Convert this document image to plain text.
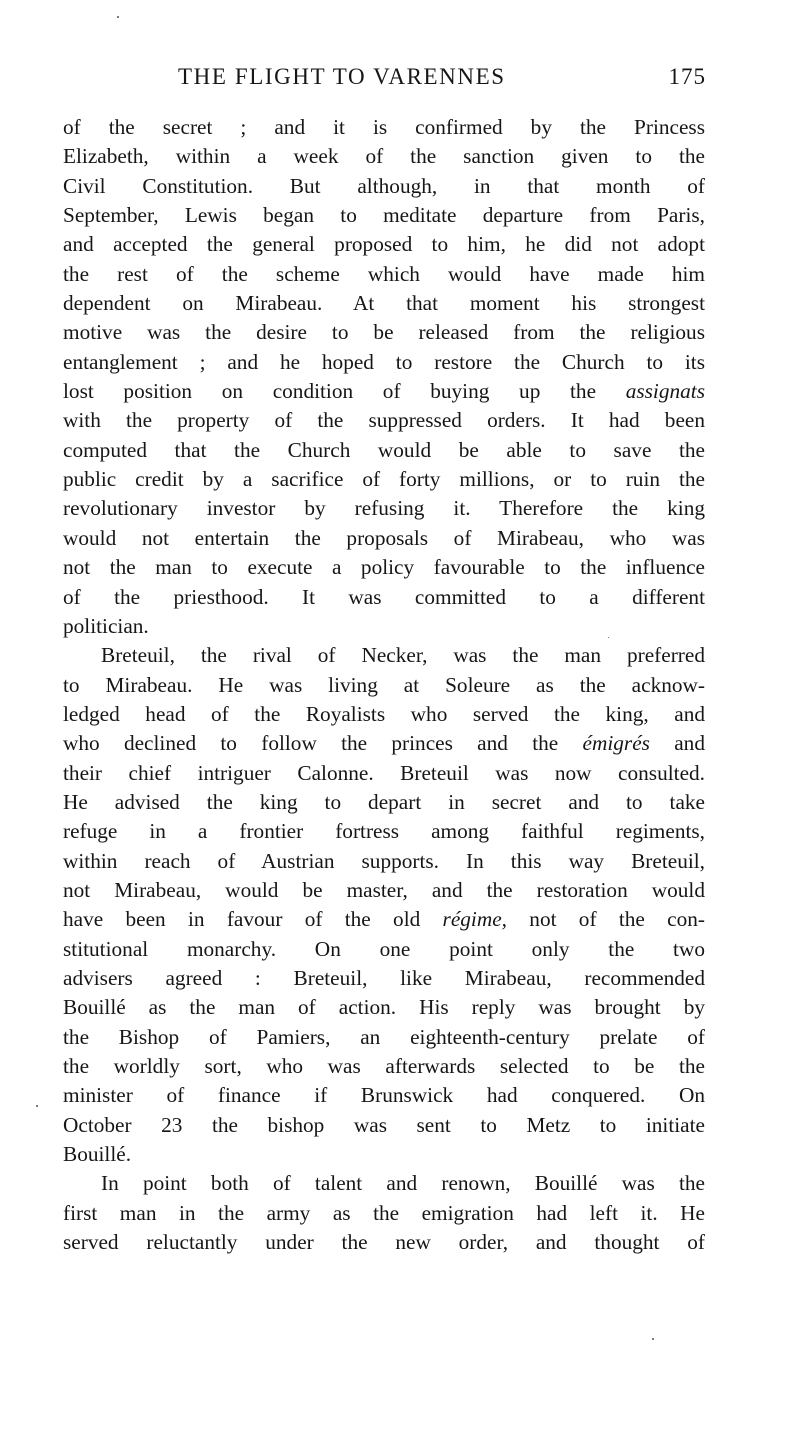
THE FLIGHT TO VARENNES	175
of the secret ; and it is confirmed by the Princess
Elizabeth, within a week of the sanction given to the
Civil Constitution. But although, in that month of
September, Lewis began to meditate departure from Paris,
and accepted the general proposed to him, he did not adopt
the rest of the scheme which would have made him
dependent on Mirabeau. At that moment his strongest
motive was the desire to be released from the religious
entanglement ; and he hoped to restore the Church to its
lost position on condition of buying up the assignats
with the property of the suppressed orders. It had been
computed that the Church would be able to save the
public credit by a sacrifice of forty millions, or to ruin the
revolutionary investor by refusing it. Therefore the king
would not entertain the proposals of Mirabeau, who was
not the man to execute a policy favourable to the influence
of the priesthood. It was committed to a different
politician.
Breteuil, the rival of Necker, was the man preferred
to Mirabeau. He was living at Soleure as the acknow-
ledged head of the Royalists who served the king, and
who declined to follow the princes and the émigrés and
their chief intriguer Calonne. Breteuil was now consulted.
He advised the king to depart in secret and to take
refuge in a frontier fortress among faithful regiments,
within reach of Austrian supports. In this way Breteuil,
not Mirabeau, would be master, and the restoration would
have been in favour of the old régime, not of the con-
stitutional monarchy. On one point only the two
advisers agreed : Breteuil, like Mirabeau, recommended
Bouillé as the man of action. His reply was brought by
the Bishop of Pamiers, an eighteenth-century prelate of
the worldly sort, who was afterwards selected to be the
minister of finance if Brunswick had conquered. On
October 23 the bishop was sent to Metz to initiate
Bouillé.
In point both of talent and renown, Bouillé was the
first man in the army as the emigration had left it. He
served reluctantly under the new order, and thought of
